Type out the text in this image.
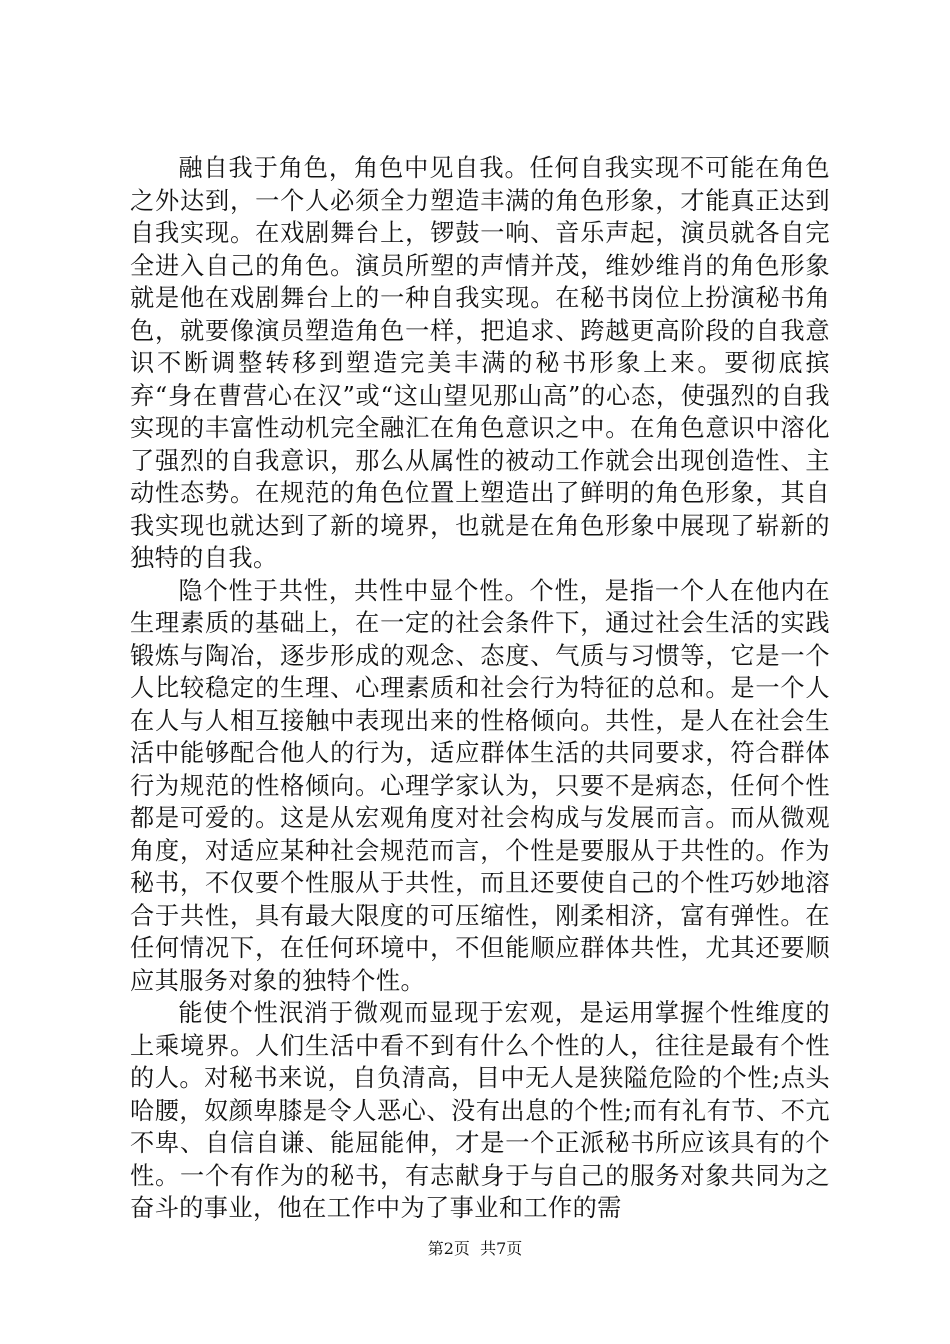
融自我于角色，角色中见自我。任何自我实现不可能在角色之外达到，一个人必须全力塑造丰满的角色形象，才能真正达到自我实现。在戏剧舞台上，锣鼓一响、音乐声起，演员就各自完全进入自己的角色。演员所塑的声情并茂，维妙维肖的角色形象就是他在戏剧舞台上的一种自我实现。在秘书岗位上扮演秘书角色，就要像演员塑造角色一样，把追求、跨越更高阶段的自我意识不断调整转移到塑造完美丰满的秘书形象上来。要彻底摈弃“身在曹营心在汉”或“这山望见那山高”的心态，使强烈的自我实现的丰富性动机完全融汇在角色意识之中。在角色意识中溶化了强烈的自我意识，那么从属性的被动工作就会出现创造性、主动性态势。在规范的角色位置上塑造出了鲜明的角色形象，其自我实现也就达到了新的境界，也就是在角色形象中展现了崭新的独特的自我。

隐个性于共性，共性中显个性。个性，是指一个人在他内在生理素质的基础上，在一定的社会条件下，通过社会生活的实践锻炼与陶冶，逐步形成的观念、态度、气质与习惯等，它是一个人比较稳定的生理、心理素质和社会行为特征的总和。是一个人在人与人相互接触中表现出来的性格倾向。共性，是人在社会生活中能够配合他人的行为，适应群体生活的共同要求，符合群体行为规范的性格倾向。心理学家认为，只要不是病态，任何个性都是可爱的。这是从宏观角度对社会构成与发展而言。而从微观角度，对适应某种社会规范而言，个性是要服从于共性的。作为秘书，不仅要个性服从于共性，而且还要使自己的个性巧妙地溶合于共性，具有最大限度的可压缩性，刚柔相济，富有弹性。在任何情况下，在任何环境中，不但能顺应群体共性，尤其还要顺应其服务对象的独特个性。

能使个性泯消于微观而显现于宏观，是运用掌握个性维度的上乘境界。人们生活中看不到有什么个性的人，往往是最有个性的人。对秘书来说，自负清高，目中无人是狭隘危险的个性;点头哈腰，奴颜卑膝是令人恶心、没有出息的个性;而有礼有节、不亢不卑、自信自谦、能屈能伸，才是一个正派秘书所应该具有的个性。一个有作为的秘书，有志献身于与自己的服务对象共同为之奋斗的事业，他在工作中为了事业和工作的需

第2页  共7页
